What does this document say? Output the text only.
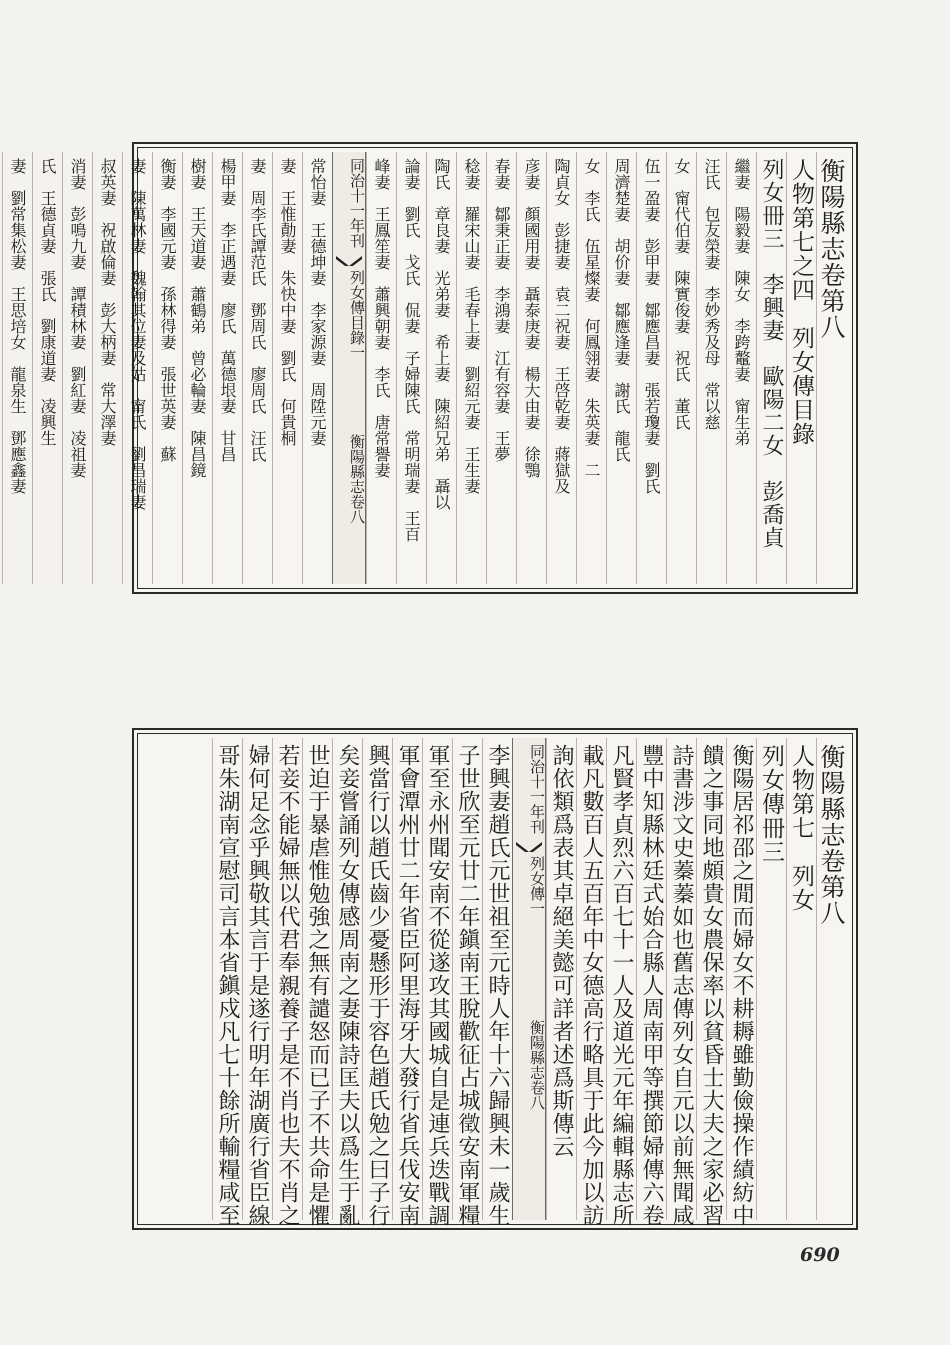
衡陽縣志卷第八
人物第七之四　列女傳目錄
列女冊三　李興妻　歐陽二女　彭喬貞
繼妻　陽毅妻　陳女　李跨鼇妻　甯生弟
汪氏　包友榮妻　李妙秀及母　常以慈
女　甯代伯妻　陳實俊妻　祝氏　董氏
伍一盈妻　彭甲妻　鄒應昌妻　張若瓊妻　劉氏
周濟楚妻　胡价妻　鄒應逢妻　謝氏　龍氏
女　李氏　伍星燦妻　何鳳翎妻　朱英妻　二
陶貞女　彭捷妻　袁二祝妻　王啓乾妻　蔣獄及
彦妻　顏國用妻　聶泰庚妻　楊大由妻　徐鶚
春妻　鄒秉正妻　李鴻妻　江有容妻　王夢
稔妻　羅宋山妻　毛春上妻　劉紹元妻　王生妻
陶氏　章良妻　光弟妻　希上妻　陳紹兄弟　聶以
論妻　劉氏　戈氏　侃妻　子婦陳氏　常明瑞妻　王百
峰妻　王鳳笙妻　蕭興朝妻　李氏　唐常譽妻
同治十一年刊
列女傳目錄一
衡陽縣志卷八
常怡妻　王德坤妻　李家源妻　周陞元妻
妻　王惟勣妻　朱快中妻　劉氏　何貴桐
妻　周李氏譚范氏　鄧周氏　廖周氏　汪氏
楊甲妻　李正遇妻　廖氏　萬德垠妻　甘昌
樹妻　王天道妻　蕭鶴弟　曾必輪妻　陳昌鏡
衡妻　李國元妻　孫林得妻　張世英妻　蘇
妻　陳萬林妻　魏翰其位妻及姑　甯氏　劉昌瑞妻
叔英妻　祝啟倫妻　彭大柄妻　常大澤妻　
消妻　彭鳴九妻　譚積林妻　劉紅妻　凌祖妻
氏　王德貞妻　張氏　劉康道妻　凌興生
妻　劉常集松妻　王思培女　龍泉生　鄧應鑫妻
衡陽縣志卷第八
人物第七　列女
列女傳冊三
衡陽居祁邵之閒而婦女不耕耨雖勤儉操作績紡中
饋之事同地頗貴女農保率以貧昏士大夫之家必習
詩書涉文史蓁蓁如也舊志傳列女自元以前無聞咸
豐中知縣林廷式始合縣人周南甲等撰節婦傳六卷
凡賢孝貞烈六百七十一人及道光元年編輯縣志所
載凡數百人五百年中女德高行略具于此今加以訪
詢依類爲表其卓絕美懿可詳者述爲斯傳云
同治十一年刊
列女傳一
衡陽縣志卷八
李興妻趙氏元世祖至元時人年十六歸興未一歲生
子世欣至元廿二年鎭南王脫歡征占城徵安南軍糧
軍至永州聞安南不從遂攻其國城自是連兵迭戰調
軍會潭州廿二年省臣阿里海牙大發行省兵伐安南
興當行以趙氏齒少憂懸形于容色趙氏勉之曰子行
矣妾嘗誦列女傳感周南之妻陳詩匡夫以爲生于亂
世迫于暴虐惟勉強之無有譴怒而已子不共命是懼
若妾不能婦無以代君奉親養子是不肖也夫不肖之
婦何足念乎興敬其言于是遂行明年湖廣行省臣線
哥朱湖南宣慰司言本省鎭戍凡七十餘所輸糧咸至
690
